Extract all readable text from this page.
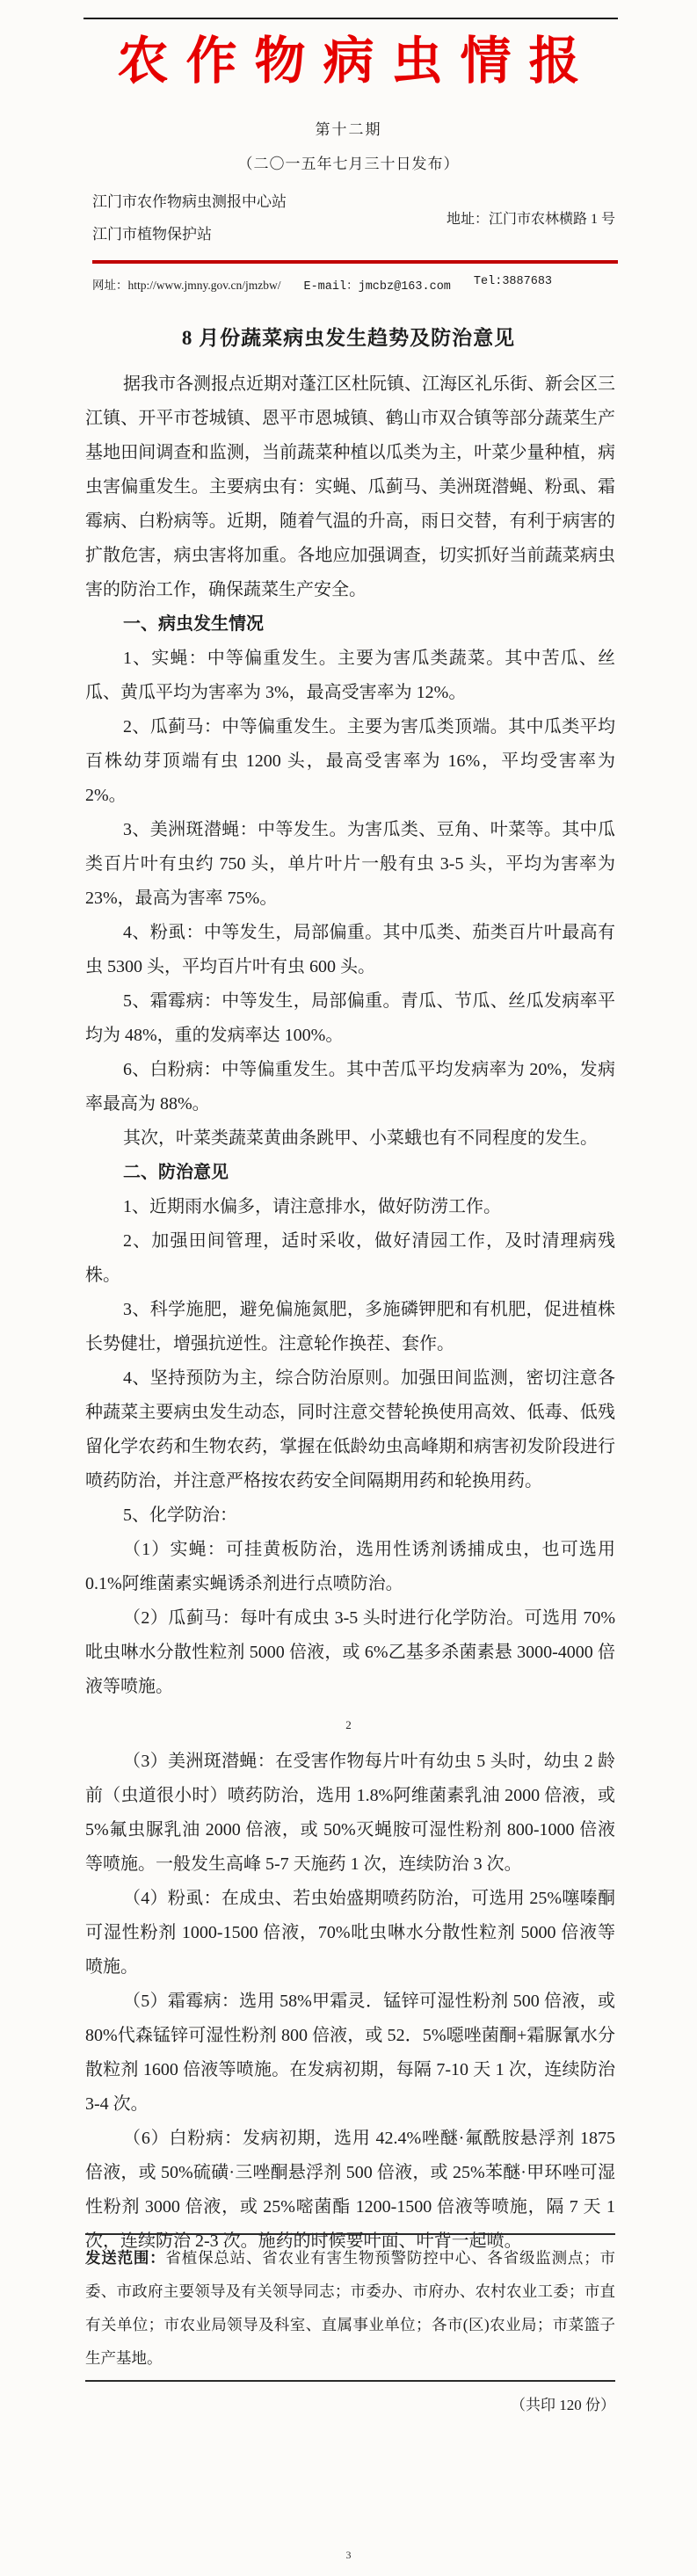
农作物病虫情报
第十二期
（二〇一五年七月三十日发布）
江门市农作物病虫测报中心站
江门市植物保护站
地址：江门市农林横路 1 号
网址：http://www.jmny.gov.cn/jmzbw/ E-mail：jmcbz@163.com Tel:3887683
8 月份蔬菜病虫发生趋势及防治意见

据我市各测报点近期对蓬江区杜阮镇、江海区礼乐街、新会区三江镇、开平市苍城镇、恩平市恩城镇、鹤山市双合镇等部分蔬菜生产基地田间调查和监测，当前蔬菜种植以瓜类为主，叶菜少量种植，病虫害偏重发生。主要病虫有：实蝇、瓜蓟马、美洲斑潜蝇、粉虱、霜霉病、白粉病等。近期，随着气温的升高，雨日交替，有利于病害的扩散危害，病虫害将加重。各地应加强调查，切实抓好当前蔬菜病虫害的防治工作，确保蔬菜生产安全。

一、病虫发生情况

1、实蝇：中等偏重发生。主要为害瓜类蔬菜。其中苦瓜、丝瓜、黄瓜平均为害率为 3%，最高受害率为 12%。

2、瓜蓟马：中等偏重发生。主要为害瓜类顶端。其中瓜类平均百株幼芽顶端有虫 1200 头，最高受害率为 16%，平均受害率为 2%。

3、美洲斑潜蝇：中等发生。为害瓜类、豆角、叶菜等。其中瓜类百片叶有虫约 750 头，单片叶片一般有虫 3-5 头，平均为害率为 23%，最高为害率 75%。

4、粉虱：中等发生，局部偏重。其中瓜类、茄类百片叶最高有虫 5300 头，平均百片叶有虫 600 头。

5、霜霉病：中等发生，局部偏重。青瓜、节瓜、丝瓜发病率平均为 48%，重的发病率达 100%。

6、白粉病：中等偏重发生。其中苦瓜平均发病率为 20%，发病率最高为 88%。

其次，叶菜类蔬菜黄曲条跳甲、小菜蛾也有不同程度的发生。

二、防治意见

1、近期雨水偏多，请注意排水，做好防涝工作。

2、加强田间管理，适时采收，做好清园工作，及时清理病残株。

3、科学施肥，避免偏施氮肥，多施磷钾肥和有机肥，促进植株长势健壮，增强抗逆性。注意轮作换茬、套作。

4、坚持预防为主，综合防治原则。加强田间监测，密切注意各种蔬菜主要病虫发生动态，同时注意交替轮换使用高效、低毒、低残留化学农药和生物农药，掌握在低龄幼虫高峰期和病害初发阶段进行喷药防治，并注意严格按农药安全间隔期用药和轮换用药。

5、化学防治：

（1）实蝇：可挂黄板防治，选用性诱剂诱捕成虫，也可选用 0.1%阿维菌素实蝇诱杀剂进行点喷防治。

（2）瓜蓟马：每叶有成虫 3-5 头时进行化学防治。可选用 70%吡虫啉水分散性粒剂 5000 倍液，或 6%乙基多杀菌素悬 3000-4000 倍液等喷施。

2

（3）美洲斑潜蝇：在受害作物每片叶有幼虫 5 头时，幼虫 2 龄前（虫道很小时）喷药防治，选用 1.8%阿维菌素乳油 2000 倍液，或 5%氟虫脲乳油 2000 倍液，或 50%灭蝇胺可湿性粉剂 800-1000 倍液等喷施。一般发生高峰 5-7 天施药 1 次，连续防治 3 次。

（4）粉虱：在成虫、若虫始盛期喷药防治，可选用 25%噻嗪酮可湿性粉剂 1000-1500 倍液，70%吡虫啉水分散性粒剂 5000 倍液等喷施。

（5）霜霉病：选用 58%甲霜灵．锰锌可湿性粉剂 500 倍液，或 80%代森锰锌可湿性粉剂 800 倍液，或 52．5%噁唑菌酮+霜脲氰水分散粒剂 1600 倍液等喷施。在发病初期，每隔 7-10 天 1 次，连续防治 3-4 次。

（6）白粉病：发病初期，选用 42.4%唑醚·氟酰胺悬浮剂 1875 倍液，或 50%硫磺·三唑酮悬浮剂 500 倍液，或 25%苯醚·甲环唑可湿性粉剂 3000 倍液，或 25%嘧菌酯 1200-1500 倍液等喷施，隔 7 天 1 次，连续防治 2-3 次。施药的时候要叶面、叶背一起喷。

发送范围：省植保总站、省农业有害生物预警防控中心、各省级监测点；市委、市政府主要领导及有关领导同志；市委办、市府办、农村农业工委；市直有关单位；市农业局领导及科室、直属事业单位；各市(区)农业局；市菜篮子生产基地。

（共印 120 份）
3
